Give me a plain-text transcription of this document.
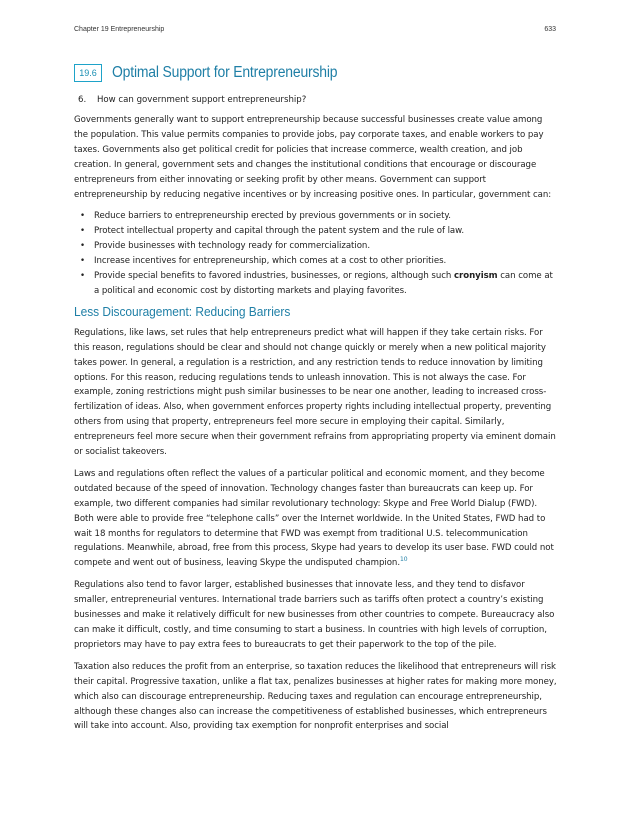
Chapter 19 Entrepreneurship	633
19.6 Optimal Support for Entrepreneurship
6. How can government support entrepreneurship?

Governments generally want to support entrepreneurship because successful businesses create value among the population. This value permits companies to provide jobs, pay corporate taxes, and enable workers to pay taxes. Governments also get political credit for policies that increase commerce, wealth creation, and job creation. In general, government sets and changes the institutional conditions that encourage or discourage entrepreneurs from either innovating or seeking profit by other means. Government can support entrepreneurship by reducing negative incentives or by increasing positive ones. In particular, government can:

• Reduce barriers to entrepreneurship erected by previous governments or in society.
• Protect intellectual property and capital through the patent system and the rule of law.
• Provide businesses with technology ready for commercialization.
• Increase incentives for entrepreneurship, which comes at a cost to other priorities.
• Provide special benefits to favored industries, businesses, or regions, although such cronyism can come at a political and economic cost by distorting markets and playing favorites.
Less Discouragement: Reducing Barriers

Regulations, like laws, set rules that help entrepreneurs predict what will happen if they take certain risks. For this reason, regulations should be clear and should not change quickly or merely when a new political majority takes power. In general, a regulation is a restriction, and any restriction tends to reduce innovation by limiting options. For this reason, reducing regulations tends to unleash innovation. This is not always the case. For example, zoning restrictions might push similar businesses to be near one another, leading to increased cross-fertilization of ideas. Also, when government enforces property rights including intellectual property, preventing others from using that property, entrepreneurs feel more secure in employing their capital. Similarly, entrepreneurs feel more secure when their government refrains from appropriating property via eminent domain or socialist takeovers.

Laws and regulations often reflect the values of a particular political and economic moment, and they become outdated because of the speed of innovation. Technology changes faster than bureaucrats can keep up. For example, two different companies had similar revolutionary technology: Skype and Free World Dialup (FWD). Both were able to provide free “telephone calls” over the Internet worldwide. In the United States, FWD had to wait 18 months for regulators to determine that FWD was exempt from traditional U.S. telecommunication regulations. Meanwhile, abroad, free from this process, Skype had years to develop its user base. FWD could not compete and went out of business, leaving Skype the undisputed champion.$^{10}$

Regulations also tend to favor larger, established businesses that innovate less, and they tend to disfavor smaller, entrepreneurial ventures. International trade barriers such as tariffs often protect a country’s existing businesses and make it relatively difficult for new businesses from other countries to compete. Bureaucracy also can make it difficult, costly, and time consuming to start a business. In countries with high levels of corruption, proprietors may have to pay extra fees to bureaucrats to get their paperwork to the top of the pile.

Taxation also reduces the profit from an enterprise, so taxation reduces the likelihood that entrepreneurs will risk their capital. Progressive taxation, unlike a flat tax, penalizes businesses at higher rates for making more money, which also can discourage entrepreneurship. Reducing taxes and regulation can encourage entrepreneurship, although these changes also can increase the competitiveness of established businesses, which entrepreneurs will take into account. Also, providing tax exemption for nonprofit enterprises and social
